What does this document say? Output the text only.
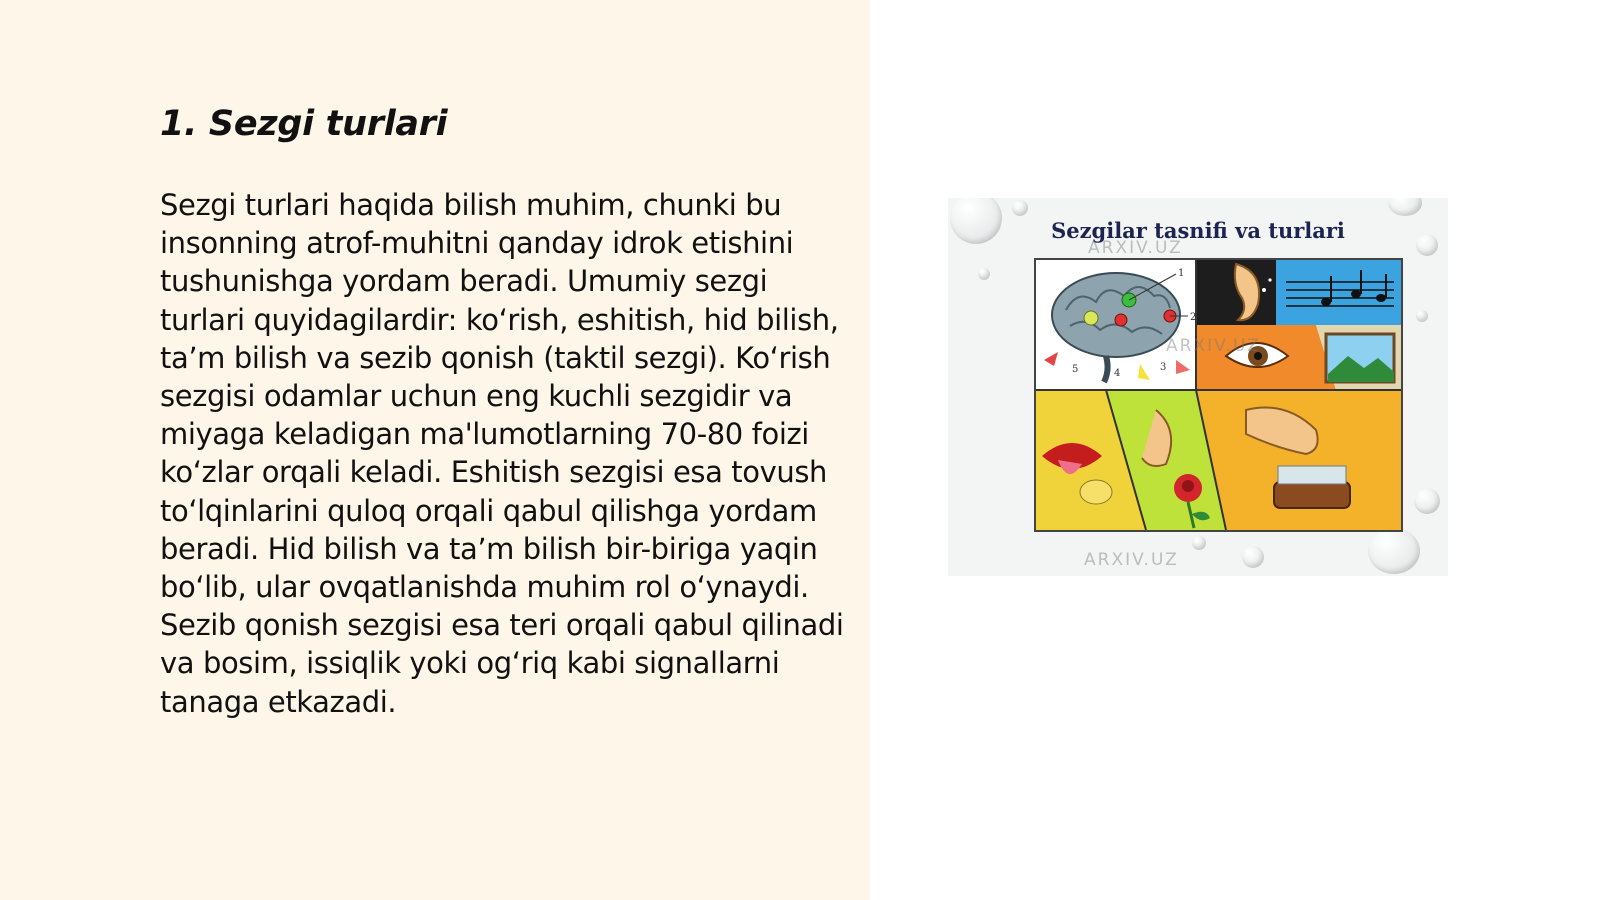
1. Sezgi turlari

Sezgi turlari haqida bilish muhim, chunki bu insonning atrof-muhitni qanday idrok etishini tushunishga yordam beradi. Umumiy sezgi turlari quyidagilardir: ko‘rish, eshitish, hid bilish, ta’m bilish va sezib qonish (taktil sezgi). Ko‘rish sezgisi odamlar uchun eng kuchli sezgidir va miyaga keladigan ma'lumotlarning 70-80 foizi ko‘zlar orqali keladi. Eshitish sezgisi esa tovush to‘lqinlarini quloq orqali qabul qilishga yordam beradi. Hid bilish va ta’m bilish bir-biriga yaqin bo‘lib, ular ovqatlanishda muhim rol o‘ynaydi. Sezib qonish sezgisi esa teri orqali qabul qilinadi va bosim, issiqlik yoki og‘riq kabi signallarni tanaga etkazadi.

Sezgilar tasnifi va turlari
1
2
3
4
5
ARXIV.UZ
ARXIV.UZ
ARXIV.UZ
